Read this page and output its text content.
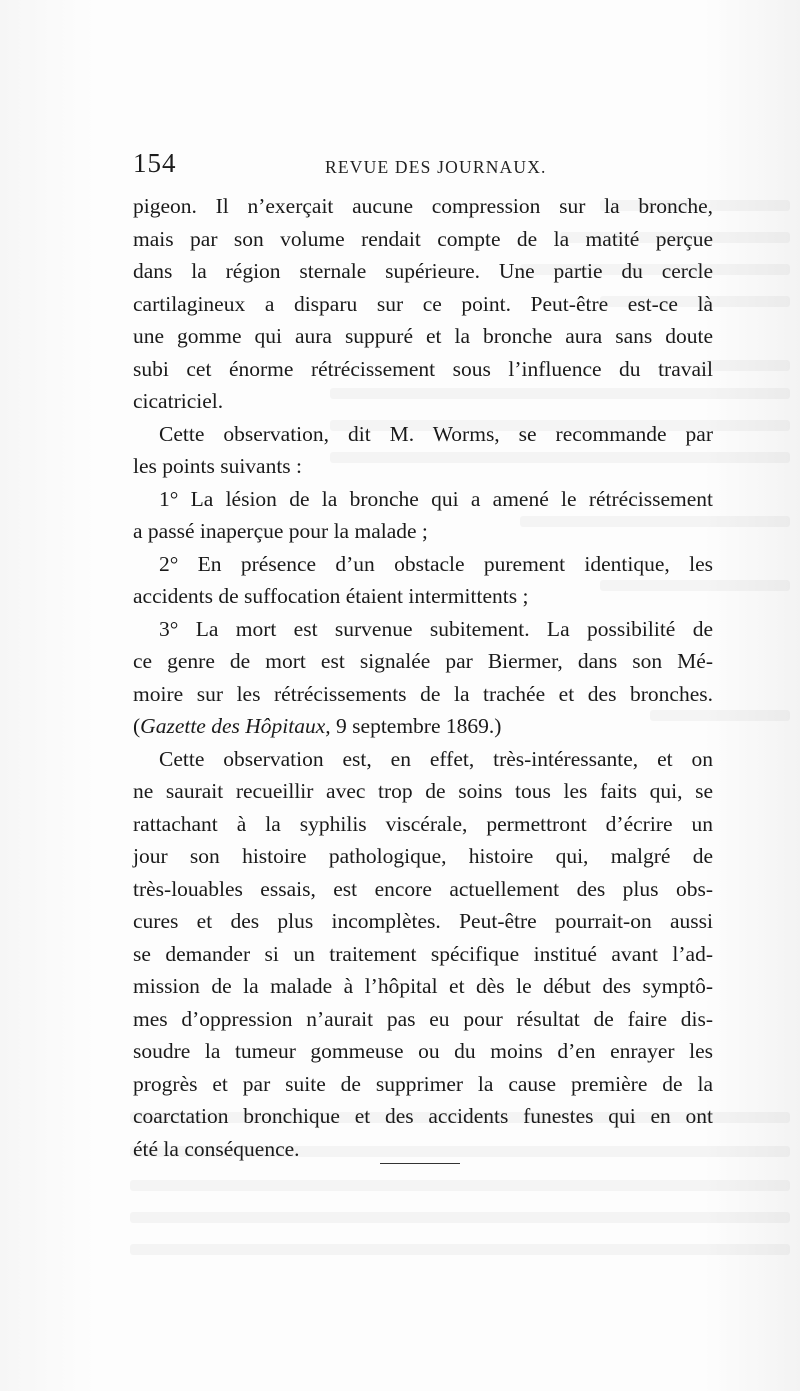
154	REVUE DES JOURNAUX.
pigeon. Il n’exerçait aucune compression sur la bronche,
mais par son volume rendait compte de la matité perçue
dans la région sternale supérieure. Une partie du cercle
cartilagineux a disparu sur ce point. Peut-être est-ce là
une gomme qui aura suppuré et la bronche aura sans doute
subi cet énorme rétrécissement sous l’influence du travail
cicatriciel.
Cette observation, dit M. Worms, se recommande par
les points suivants :
1° La lésion de la bronche qui a amené le rétrécissement
a passé inaperçue pour la malade ;
2° En présence d’un obstacle purement identique, les
accidents de suffocation étaient intermittents ;
3° La mort est survenue subitement. La possibilité de
ce genre de mort est signalée par Biermer, dans son Mé-
moire sur les rétrécissements de la trachée et des bronches.
(Gazette des Hôpitaux, 9 septembre 1869.)
Cette observation est, en effet, très-intéressante, et on
ne saurait recueillir avec trop de soins tous les faits qui, se
rattachant à la syphilis viscérale, permettront d’écrire un
jour son histoire pathologique, histoire qui, malgré de
très-louables essais, est encore actuellement des plus obs-
cures et des plus incomplètes. Peut-être pourrait-on aussi
se demander si un traitement spécifique institué avant l’ad-
mission de la malade à l’hôpital et dès le début des symptô-
mes d’oppression n’aurait pas eu pour résultat de faire dis-
soudre la tumeur gommeuse ou du moins d’en enrayer les
progrès et par suite de supprimer la cause première de la
coarctation bronchique et des accidents funestes qui en ont
été la conséquence.
